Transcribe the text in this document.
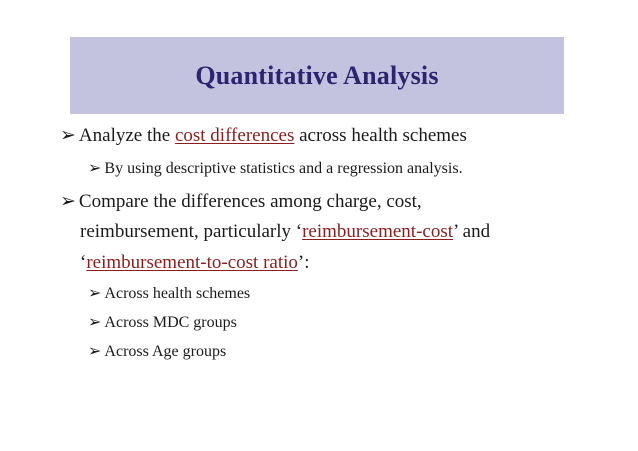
Quantitative Analysis
➢ Analyze the cost differences across health schemes
➢ By using descriptive statistics and a regression analysis.
➢ Compare the differences among charge, cost,
reimbursement, particularly ‘reimbursement-cost’ and
‘reimbursement-to-cost ratio’:
➢ Across health schemes
➢ Across MDC groups
➢ Across Age groups
